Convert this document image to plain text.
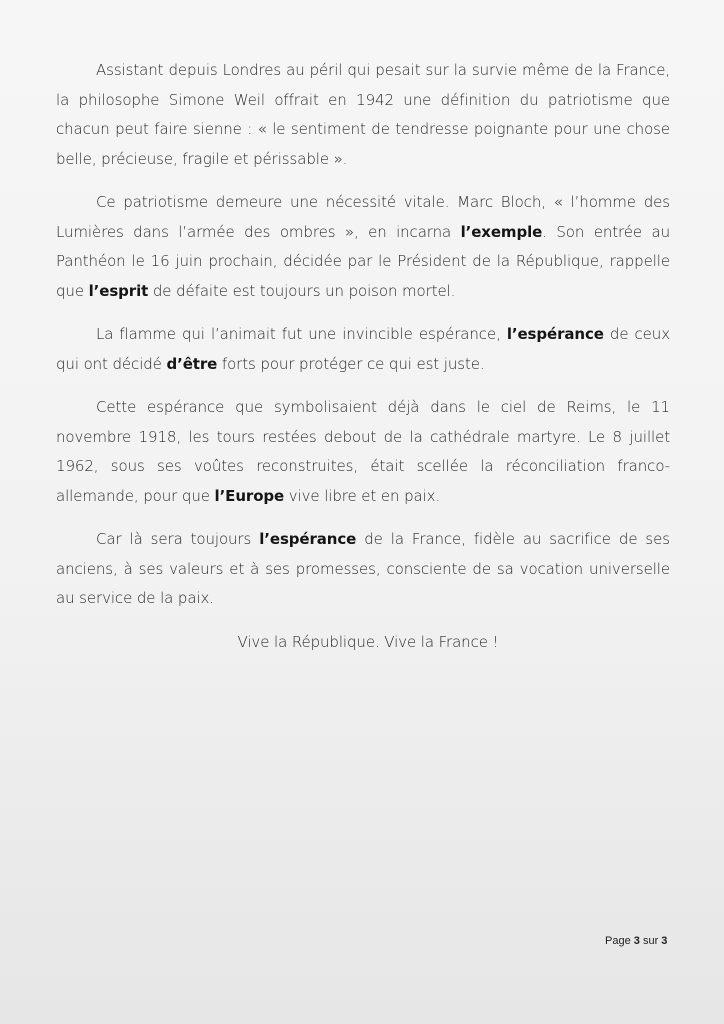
Assistant depuis Londres au péril qui pesait sur la survie même de la France, la philosophe Simone Weil offrait en 1942 une définition du patriotisme que chacun peut faire sienne : « le sentiment de tendresse poignante pour une chose belle, précieuse, fragile et périssable ».

Ce patriotisme demeure une nécessité vitale. Marc Bloch, « l’homme des Lumières dans l’armée des ombres », en incarna l’exemple. Son entrée au Panthéon le 16 juin prochain, décidée par le Président de la République, rappelle que l’esprit de défaite est toujours un poison mortel.

La flamme qui l’animait fut une invincible espérance, l’espérance de ceux qui ont décidé d’être forts pour protéger ce qui est juste.

Cette espérance que symbolisaient déjà dans le ciel de Reims, le 11 novembre 1918, les tours restées debout de la cathédrale martyre. Le 8 juillet 1962, sous ses voûtes reconstruites, était scellée la réconciliation franco-allemande, pour que l’Europe vive libre et en paix.

Car là sera toujours l’espérance de la France, fidèle au sacrifice de ses anciens, à ses valeurs et à ses promesses, consciente de sa vocation universelle au service de la paix.

Vive la République. Vive la France !

Page 3 sur 3
